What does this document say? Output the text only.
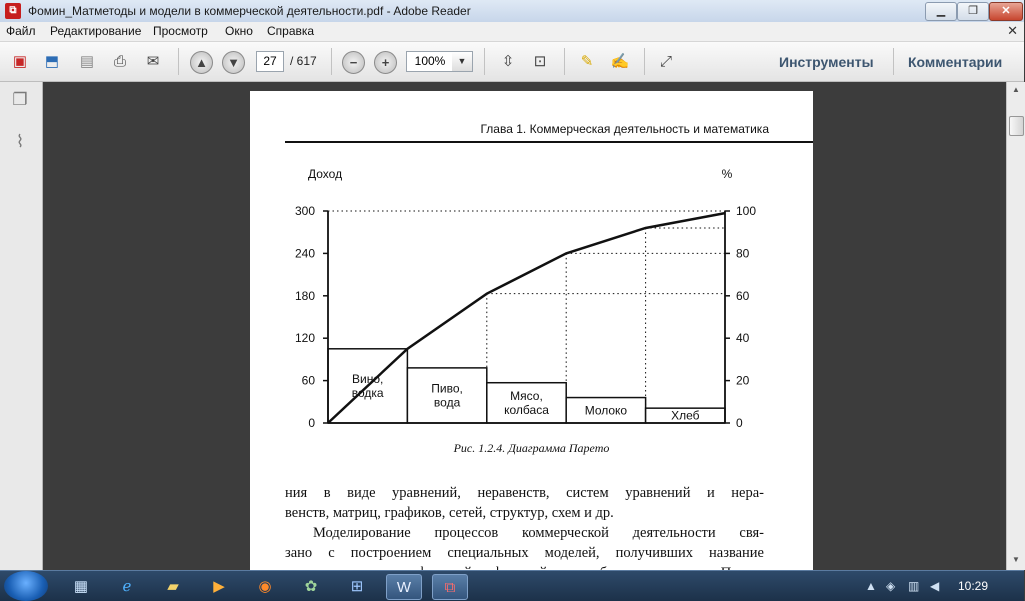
⧉ Фомин_Матметоды и модели в коммерческой деятельности.pdf - Adobe Reader	▁	❐	✕
Файл Редактирование Просмотр Окно Справка	✕
▣	⬒	▤	⎙	✉	▲	▼	27	/ 617	−	+	100%	▼	⇳	⊡	✎	✍	⤢	Инструменты Комментарии
❐
⌇
Глава 1. Коммерческая деятельность и математика
Доход	%
0
60
120
180
240
300
0
20
40
60
80
100
Вино,
водка	Пиво,
вода	Мясо,
колбаса	Молоко	Хлеб
Рис. 1.2.4. Диаграмма Парето
ния в виде уравнений, неравенств, систем уравнений и нера-
венств, матриц, графиков, сетей, структур, схем и др.
Моделирование процессов коммерческой деятельности свя-
зано с построением специальных моделей, получивших название
▲
▼
▦	ℯ	▰	▶	◉	✿	⊞	W	⧉	▲ ◈ ▥ ◀ 10:29
